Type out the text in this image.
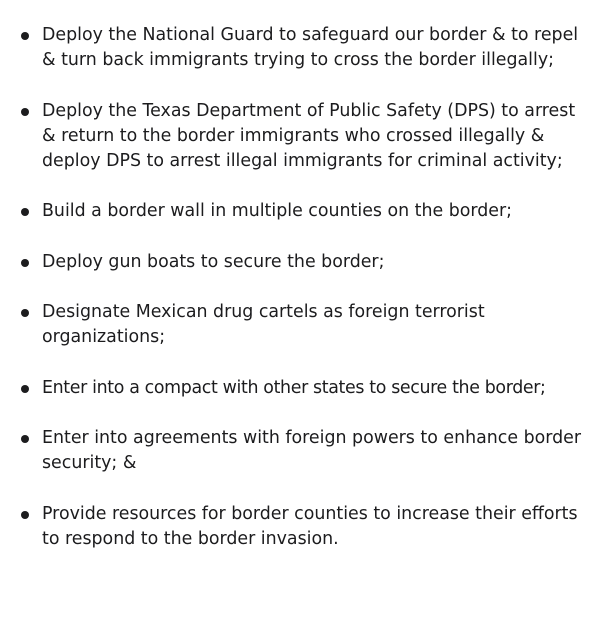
Deploy the National Guard to safeguard our border & to repel & turn back immigrants trying to cross the border illegally;
Deploy the Texas Department of Public Safety (DPS) to arrest & return to the border immigrants who crossed illegally & deploy DPS to arrest illegal immigrants for criminal activity;
Build a border wall in multiple counties on the border;
Deploy gun boats to secure the border;
Designate Mexican drug cartels as foreign terrorist organizations;
Enter into a compact with other states to secure the border;
Enter into agreements with foreign powers to enhance border security; &
Provide resources for border counties to increase their efforts to respond to the border invasion.
